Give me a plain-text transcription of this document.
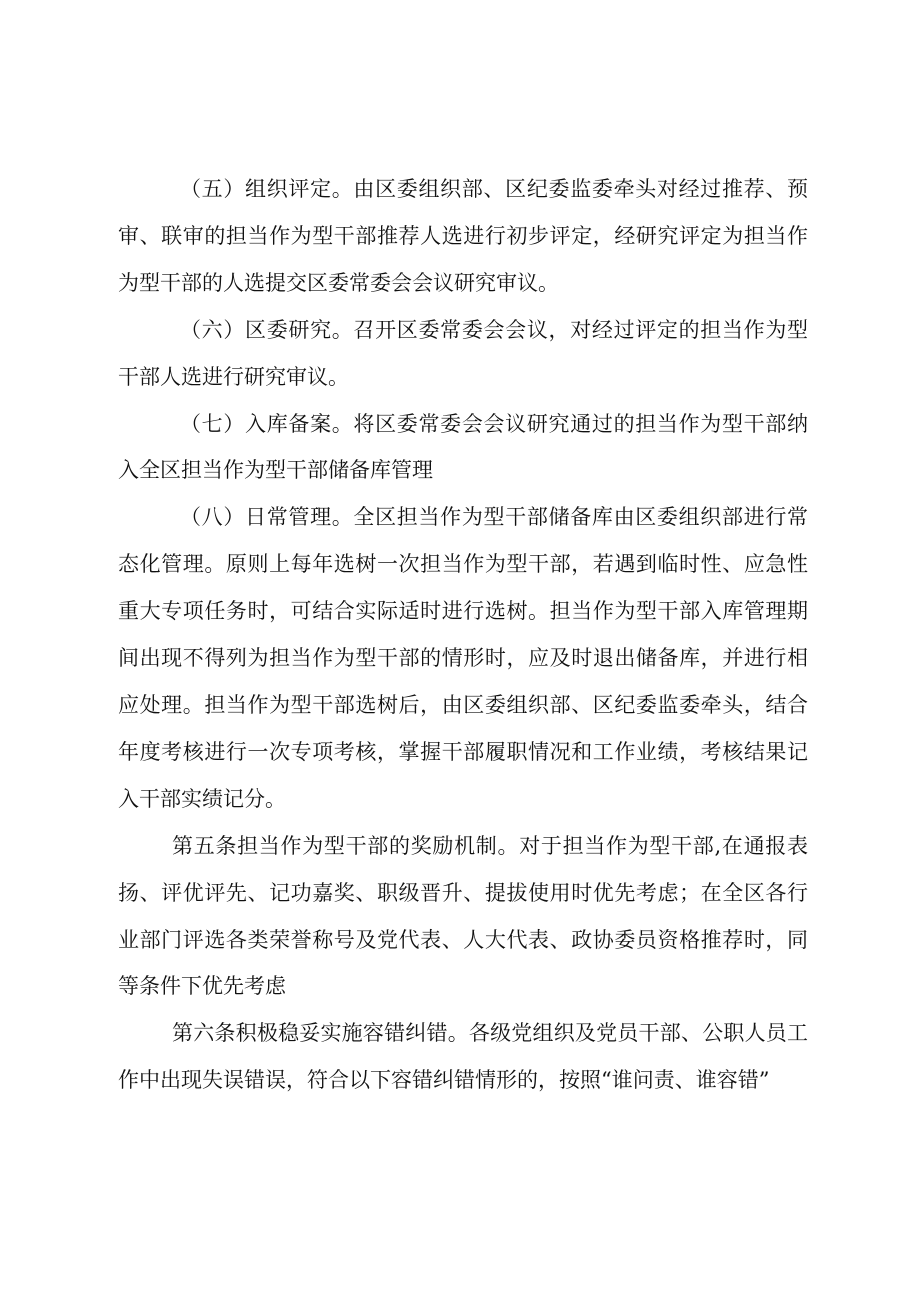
（五）组织评定。由区委组织部、区纪委监委牵头对经过推荐、预审、联审的担当作为型干部推荐人选进行初步评定，经研究评定为担当作为型干部的人选提交区委常委会会议研究审议。

（六）区委研究。召开区委常委会会议，对经过评定的担当作为型干部人选进行研究审议。

（七）入库备案。将区委常委会会议研究通过的担当作为型干部纳入全区担当作为型干部储备库管理

（八）日常管理。全区担当作为型干部储备库由区委组织部进行常态化管理。原则上每年选树一次担当作为型干部，若遇到临时性、应急性重大专项任务时，可结合实际适时进行选树。担当作为型干部入库管理期间出现不得列为担当作为型干部的情形时，应及时退出储备库，并进行相应处理。担当作为型干部选树后，由区委组织部、区纪委监委牵头，结合年度考核进行一次专项考核，掌握干部履职情况和工作业绩，考核结果记入干部实绩记分。

第五条担当作为型干部的奖励机制。对于担当作为型干部,在通报表扬、评优评先、记功嘉奖、职级晋升、提拔使用时优先考虑；在全区各行业部门评选各类荣誉称号及党代表、人大代表、政协委员资格推荐时，同等条件下优先考虑

第六条积极稳妥实施容错纠错。各级党组织及党员干部、公职人员工作中出现失误错误，符合以下容错纠错情形的，按照“谁问责、谁容错”
